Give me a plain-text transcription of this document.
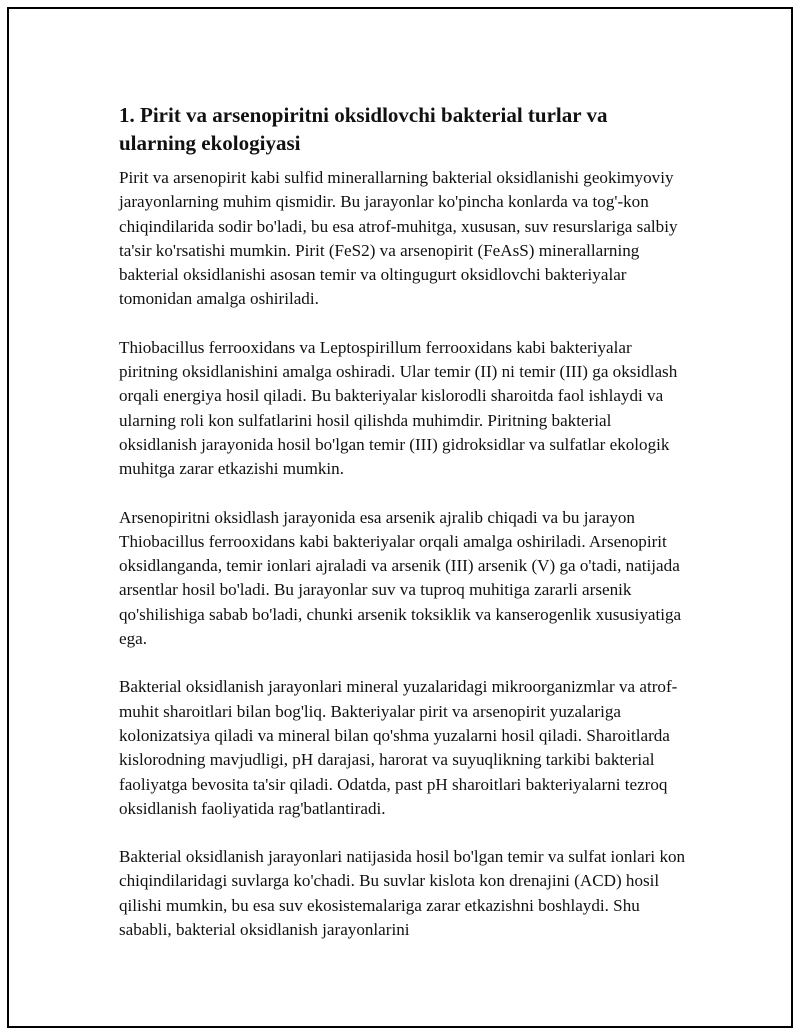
1. Pirit va arsenopiritni oksidlovchi bakterial turlar va ularning ekologiyasi

Pirit va arsenopirit kabi sulfid minerallarning bakterial oksidlanishi geokimyoviy jarayonlarning muhim qismidir. Bu jarayonlar ko'pincha konlarda va tog'-kon chiqindilarida sodir bo'ladi, bu esa atrof-muhitga, xususan, suv resurslariga salbiy ta'sir ko'rsatishi mumkin. Pirit (FeS2) va arsenopirit (FeAsS) minerallarning bakterial oksidlanishi asosan temir va oltingugurt oksidlovchi bakteriyalar tomonidan amalga oshiriladi.

Thiobacillus ferrooxidans va Leptospirillum ferrooxidans kabi bakteriyalar piritning oksidlanishini amalga oshiradi. Ular temir (II) ni temir (III) ga oksidlash orqali energiya hosil qiladi. Bu bakteriyalar kislorodli sharoitda faol ishlaydi va ularning roli kon sulfatlarini hosil qilishda muhimdir. Piritning bakterial oksidlanish jarayonida hosil bo'lgan temir (III) gidroksidlar va sulfatlar ekologik muhitga zarar etkazishi mumkin.

Arsenopiritni oksidlash jarayonida esa arsenik ajralib chiqadi va bu jarayon Thiobacillus ferrooxidans kabi bakteriyalar orqali amalga oshiriladi. Arsenopirit oksidlanganda, temir ionlari ajraladi va arsenik (III) arsenik (V) ga o'tadi, natijada arsentlar hosil bo'ladi. Bu jarayonlar suv va tuproq muhitiga zararli arsenik qo'shilishiga sabab bo'ladi, chunki arsenik toksiklik va kanserogenlik xususiyatiga ega.

Bakterial oksidlanish jarayonlari mineral yuzalaridagi mikroorganizmlar va atrof-muhit sharoitlari bilan bog'liq. Bakteriyalar pirit va arsenopirit yuzalariga kolonizatsiya qiladi va mineral bilan qo'shma yuzalarni hosil qiladi. Sharoitlarda kislorodning mavjudligi, pH darajasi, harorat va suyuqlikning tarkibi bakterial faoliyatga bevosita ta'sir qiladi. Odatda, past pH sharoitlari bakteriyalarni tezroq oksidlanish faoliyatida rag'batlantiradi.

Bakterial oksidlanish jarayonlari natijasida hosil bo'lgan temir va sulfat ionlari kon chiqindilaridagi suvlarga ko'chadi. Bu suvlar kislota kon drenajini (ACD) hosil qilishi mumkin, bu esa suv ekosistemalariga zarar etkazishni boshlaydi. Shu sababli, bakterial oksidlanish jarayonlarini
